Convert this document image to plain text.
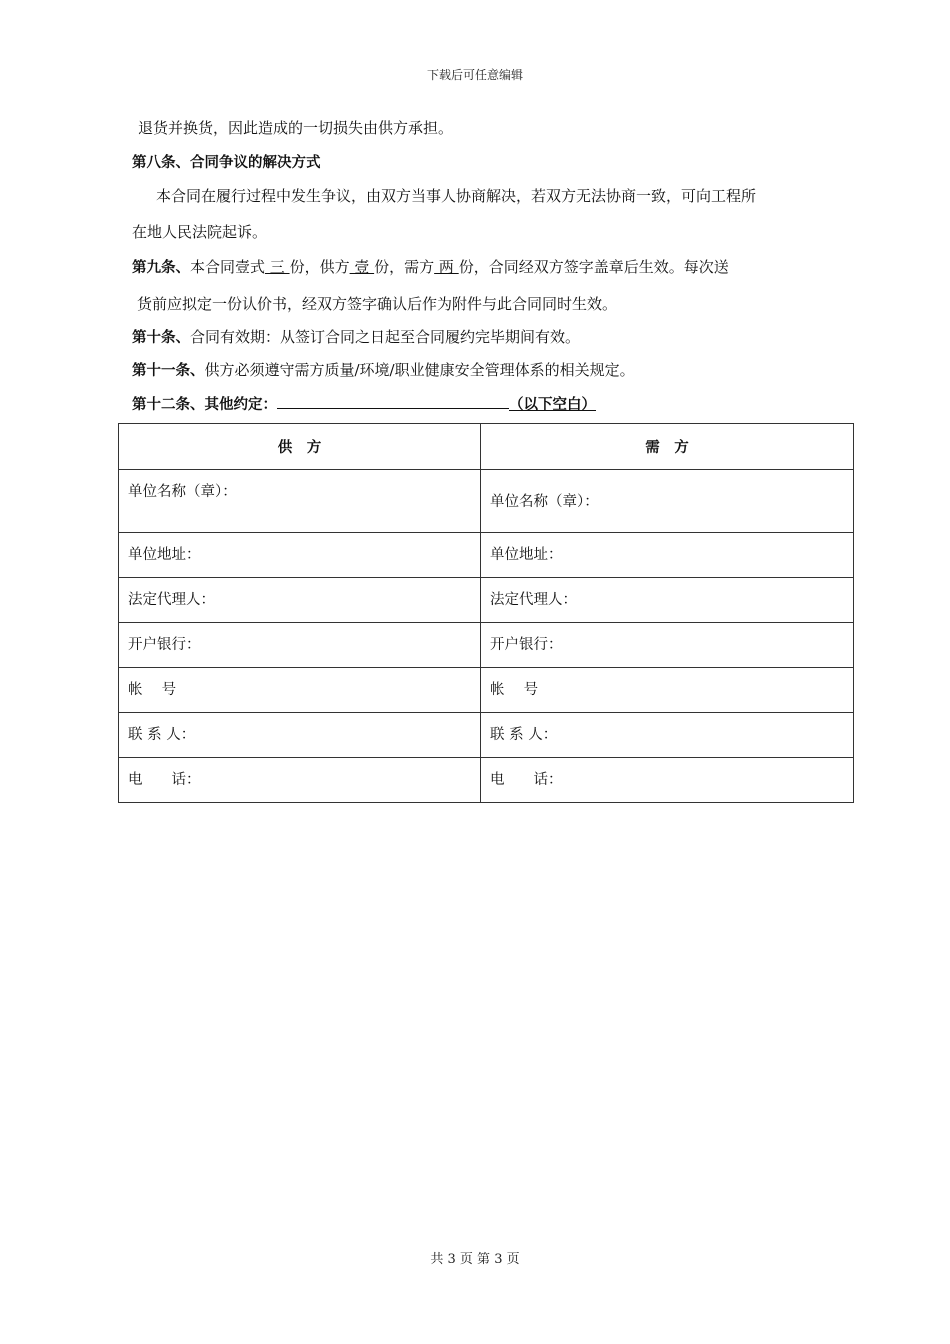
下载后可任意编辑
退货并换货，因此造成的一切损失由供方承担。
第八条、合同争议的解决方式
本合同在履行过程中发生争议，由双方当事人协商解决，若双方无法协商一致，可向工程所
在地人民法院起诉。
第九条、本合同壹式 三 份，供方 壹 份，需方 两 份，合同经双方签字盖章后生效。每次送
货前应拟定一份认价书，经双方签字确认后作为附件与此合同同时生效。
第十条、合同有效期：从签订合同之日起至合同履约完毕期间有效。
第十一条、供方必须遵守需方质量/环境/职业健康安全管理体系的相关规定。
第十二条、其他约定：	（以下空白）
供　方	需　方
单位名称（章）：	单位名称（章）：
单位地址：	单位地址：
法定代理人：	法定代理人：
开户银行：	开户银行：
帐　 号	帐　 号
联 系 人：	联 系 人：
电　　话：	电　　话：
共 3 页 第 3 页
